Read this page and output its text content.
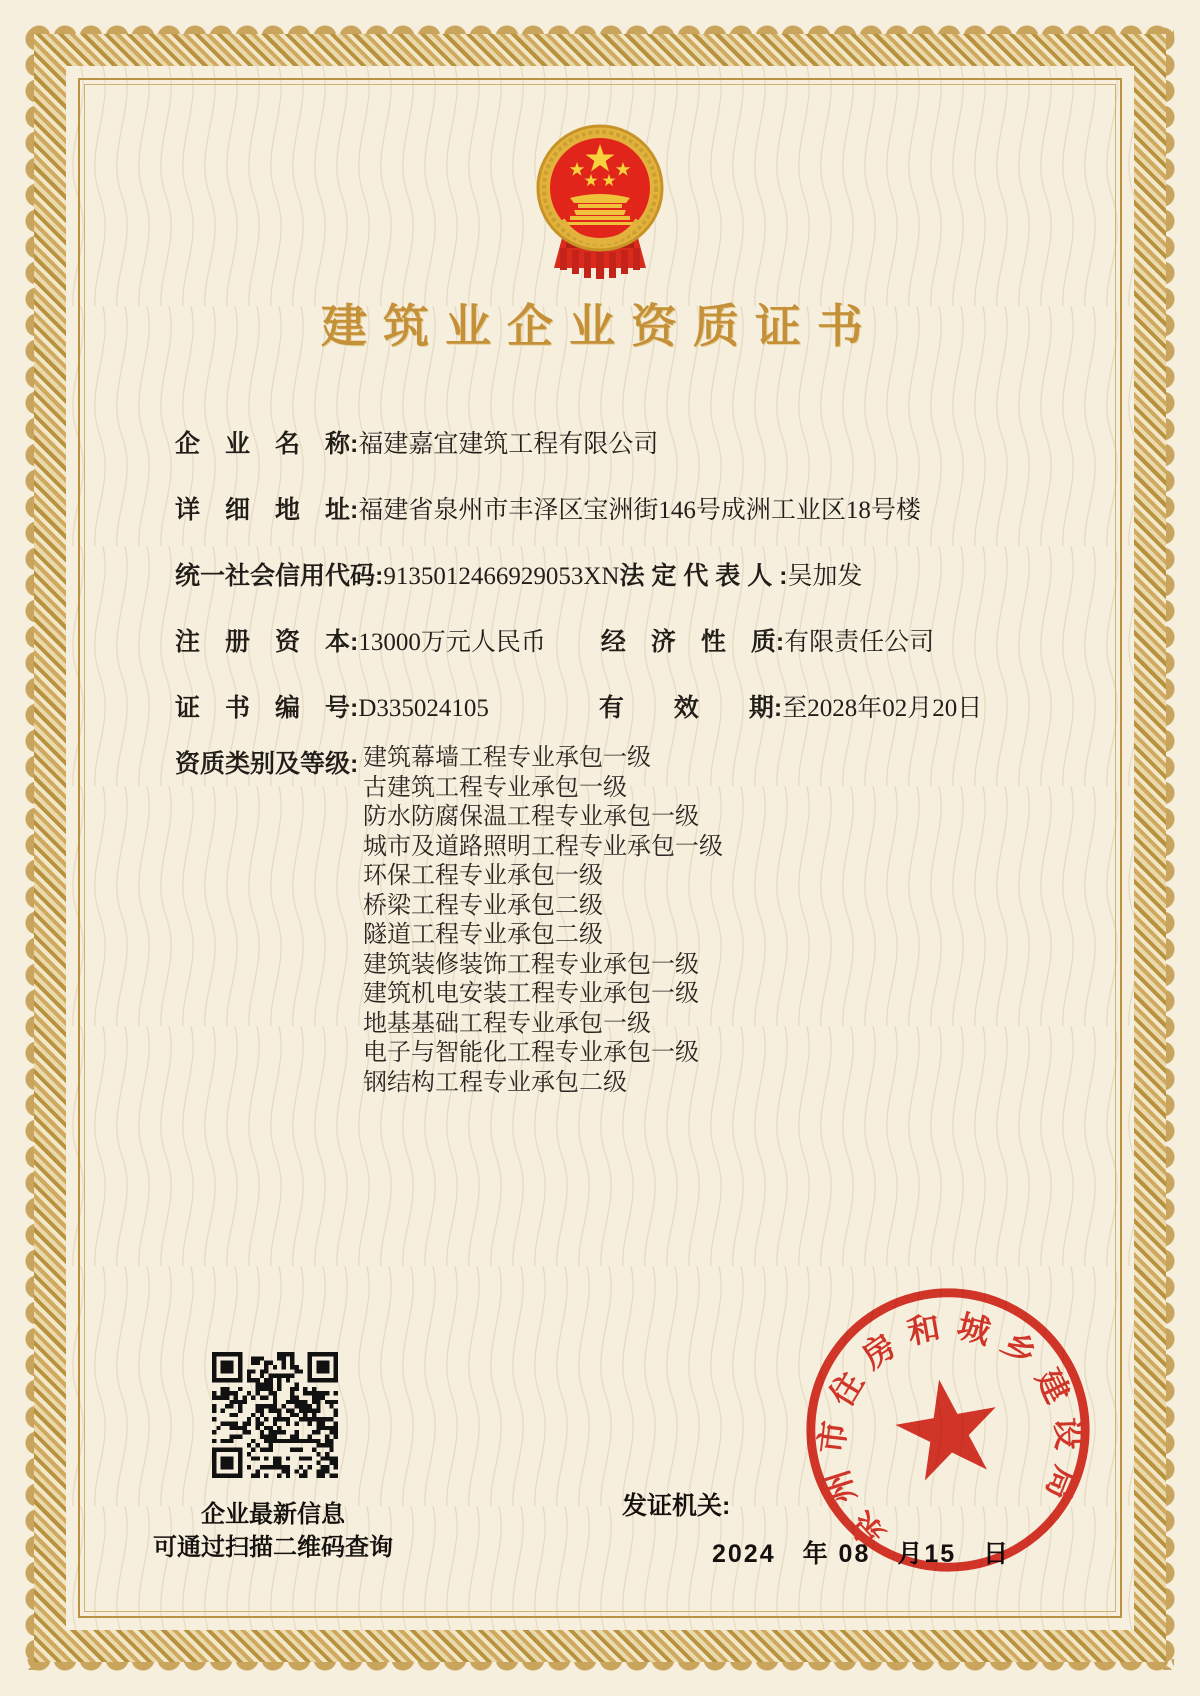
建筑业企业资质证书
企　业　名　称:福建嘉宜建筑工程有限公司
详　细　地　址:福建省泉州市丰泽区宝洲街146号成洲工业区18号楼
统一社会信用代码:9135012466929053XN法 定 代 表 人 :吴加发
注　册　资　本:13000万元人民币 经　济　性　质:有限责任公司
证　书　编　号:D335024105	有　　效　　期:至2028年02月20日
资质类别及等级: 建筑幕墙工程专业承包一级
古建筑工程专业承包一级
防水防腐保温工程专业承包一级
城市及道路照明工程专业承包一级
环保工程专业承包一级
桥梁工程专业承包二级
隧道工程专业承包二级
建筑装修装饰工程专业承包一级
建筑机电安装工程专业承包一级
地基基础工程专业承包一级
电子与智能化工程专业承包一级
钢结构工程专业承包二级
企业最新信息
可通过扫描二维码查询
发证机关:
2024　年 08　月15　日
泉州市住房和城乡建设局
